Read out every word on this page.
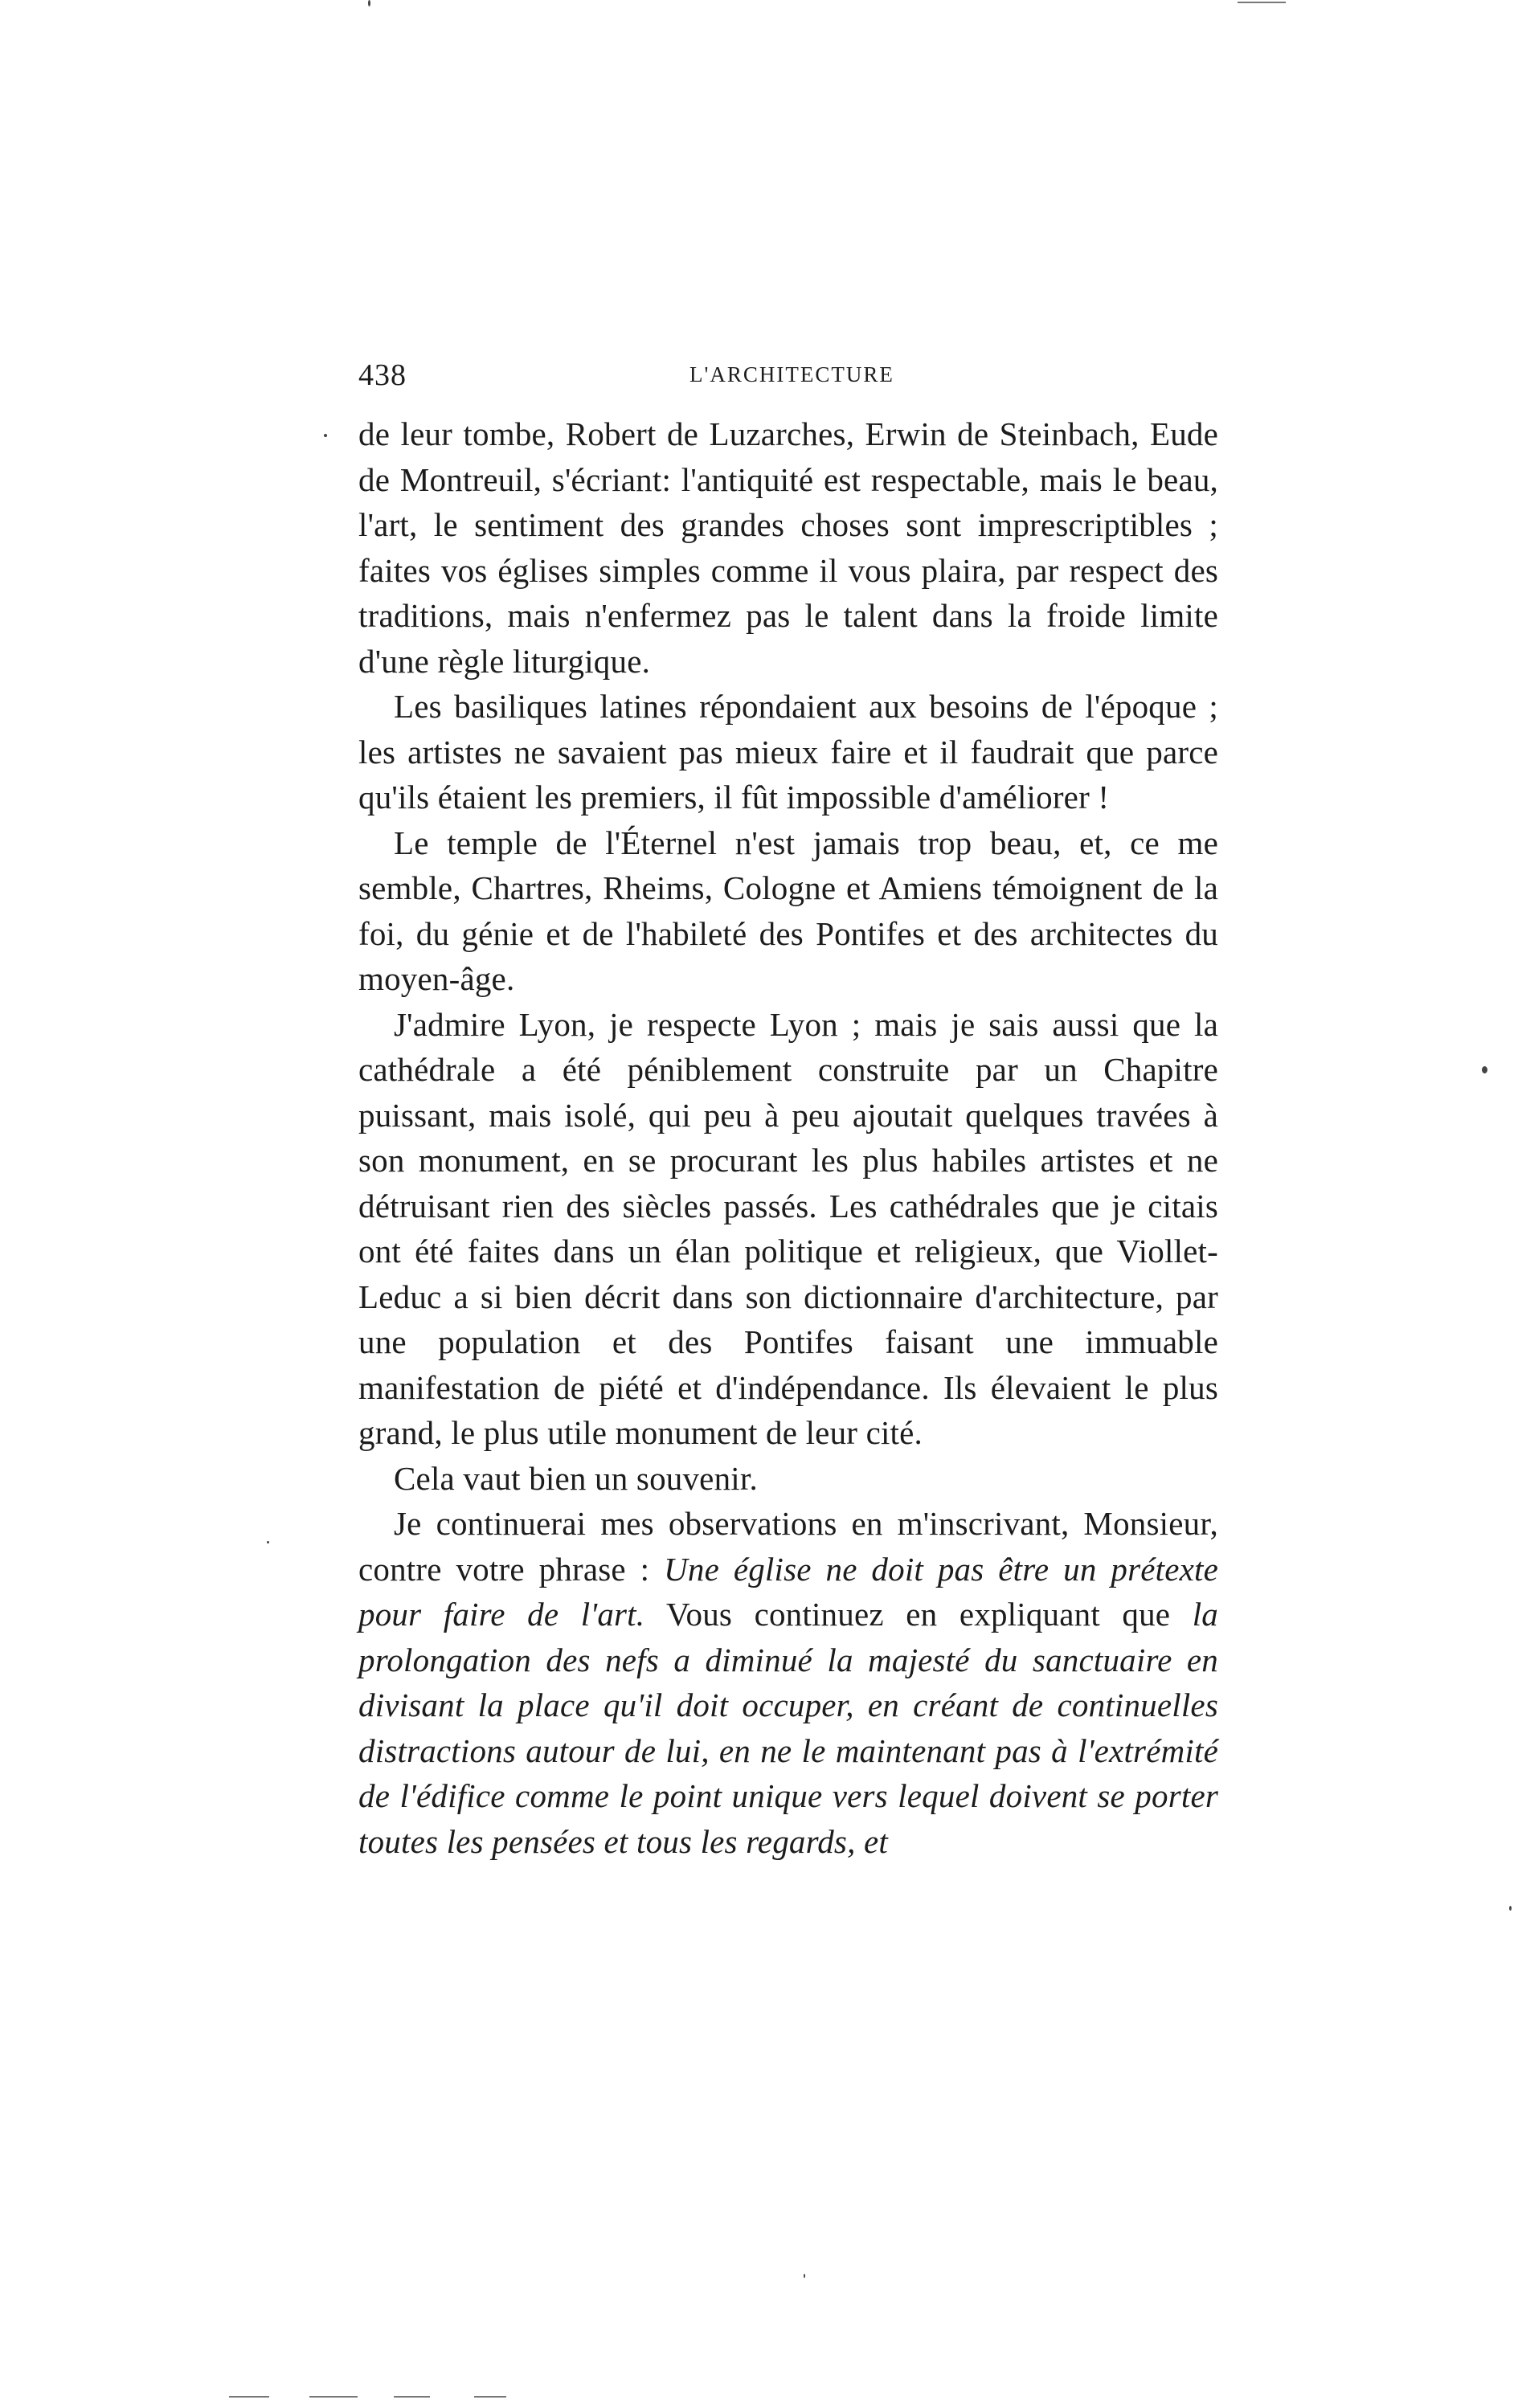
438	L'ARCHITECTURE

de leur tombe, Robert de Luzarches, Erwin de Steinbach, Eude de Montreuil, s'écriant: l'antiquité est respectable, mais le beau, l'art, le sentiment des grandes choses sont imprescriptibles ; faites vos églises simples comme il vous plaira, par respect des traditions, mais n'enfermez pas le talent dans la froide limite d'une règle liturgique.

Les basiliques latines répondaient aux besoins de l'époque ; les artistes ne savaient pas mieux faire et il faudrait que parce qu'ils étaient les premiers, il fût impossible d'améliorer !

Le temple de l'Éternel n'est jamais trop beau, et, ce me semble, Chartres, Rheims, Cologne et Amiens témoignent de la foi, du génie et de l'habileté des Pontifes et des architectes du moyen-âge.

J'admire Lyon, je respecte Lyon ; mais je sais aussi que la cathédrale a été péniblement construite par un Chapitre puissant, mais isolé, qui peu à peu ajoutait quelques travées à son monument, en se procurant les plus habiles artistes et ne détruisant rien des siècles passés. Les cathédrales que je citais ont été faites dans un élan politique et religieux, que Viollet-Leduc a si bien décrit dans son dictionnaire d'architecture, par une population et des Pontifes faisant une immuable manifestation de piété et d'indépendance. Ils élevaient le plus grand, le plus utile monument de leur cité.

Cela vaut bien un souvenir.

Je continuerai mes observations en m'inscrivant, Monsieur, contre votre phrase : Une église ne doit pas être un prétexte pour faire de l'art. Vous continuez en expliquant que la prolongation des nefs a diminué la majesté du sanctuaire en divisant la place qu'il doit occuper, en créant de continuelles distractions autour de lui, en ne le maintenant pas à l'extrémité de l'édifice comme le point unique vers lequel doivent se porter toutes les pensées et tous les regards, et
